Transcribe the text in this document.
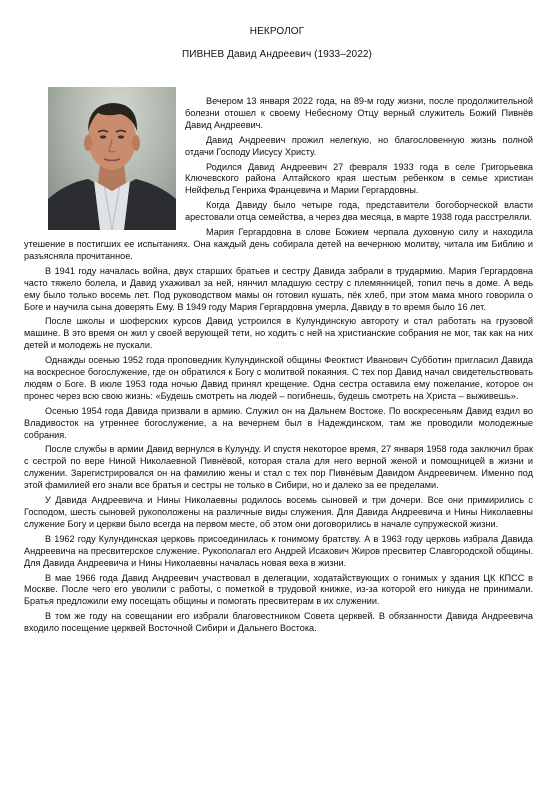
НЕКРОЛОГ
ПИВНЕВ Давид Андреевич (1933–2022)

Вечером 13 января 2022 года, на 89-м году жизни, после продолжительной болезни отошел к своему Небесному Отцу верный служитель Божий Пивнёв Давид Андреевич.

Давид Андреевич прожил нелегкую, но благословенную жизнь полной отдачи Господу Иисусу Христу.

Родился Давид Андреевич 27 февраля 1933 года в селе Григорьевка Ключевского района Алтайского края шестым ребенком в семье христиан Нейфельд Генриха Францевича и Марии Гергардовны.

Когда Давиду было четыре года, представители богоборческой власти арестовали отца семейства, а через два месяца, в марте 1938 года расстреляли.

Мария Гергардовна в слове Божием черпала духовную силу и находила утешение в постигших ее испытаниях. Она каждый день собирала детей на вечернюю молитву, читала им Библию и разъясняла прочитанное.

В 1941 году началась война, двух старших братьев и сестру Давида забрали в трудармию. Мария Гергардовна часто тяжело болела, и Давид ухаживал за ней, нянчил младшую сестру с племянницей, топил печь в доме. А ведь ему было только восемь лет. Под руководством мамы он готовил кушать, пёк хлеб, при этом мама много говорила о Боге и научила сына доверять Ему. В 1949 году Мария Гергардовна умерла, Давиду в то время было 16 лет.

После школы и шоферских курсов Давид устроился в Кулундинскую автороту и стал работать на грузовой машине. В это время он жил у своей верующей тети, но ходить с ней на христианские собрания не мог, так как на них детей и молодежь не пускали.

Однажды осенью 1952 года проповедник Кулундинской общины Феоктист Иванович Субботин пригласил Давида на воскресное богослужение, где он обратился к Богу с молитвой покаяния. С тех пор Давид начал свидетельствовать людям о Боге. В июле 1953 года ночью Давид принял крещение. Одна сестра оставила ему пожелание, которое он пронес через всю свою жизнь: «Будешь смотреть на людей – погибнешь, будешь смотреть на Христа – выживешь».

Осенью 1954 года Давида призвали в армию. Служил он на Дальнем Востоке. По воскресеньям Давид ездил во Владивосток на утреннее богослужение, а на вечернем был в Надеждинском, там же проводили молодежные собрания.

После службы в армии Давид вернулся в Кулунду. И спустя некоторое время, 27 января 1958 года заключил брак с сестрой по вере Ниной Николаевной Пивнёвой, которая стала для него верной женой и помощницей в жизни и служении. Зарегистрировался он на фамилию жены и стал с тех пор Пивнёвым Давидом Андреевичем. Именно под этой фамилией его знали все братья и сестры не только в Сибири, но и далеко за ее пределами.

У Давида Андреевича и Нины Николаевны родилось восемь сыновей и три дочери. Все они примирились с Господом, шесть сыновей рукоположены на различные виды служения. Для Давида Андреевича и Нины Николаевны служение Богу и церкви было всегда на первом месте, об этом они договорились в начале супружеской жизни.

В 1962 году Кулундинская церковь присоединилась к гонимому братству. А в 1963 году церковь избрала Давида Андреевича на пресвитерское служение. Рукополагал его Андрей Исакович Жиров пресвитер Славгородской общины. Для Давида Андреевича и Нины Николаевны началась новая веха в жизни.

В мае 1966 года Давид Андреевич участвовал в делегации, ходатайствующих о гонимых у здания ЦК КПСС в Москве. После чего его уволили с работы, с пометкой в трудовой книжке, из-за которой его никуда не принимали. Братья предложили ему посещать общины и помогать пресвитерам в их служении.

В том же году на совещании его избрали благовестником Совета церквей. В обязанности Давида Андреевича входило посещение церквей Восточной Сибири и Дальнего Востока.
